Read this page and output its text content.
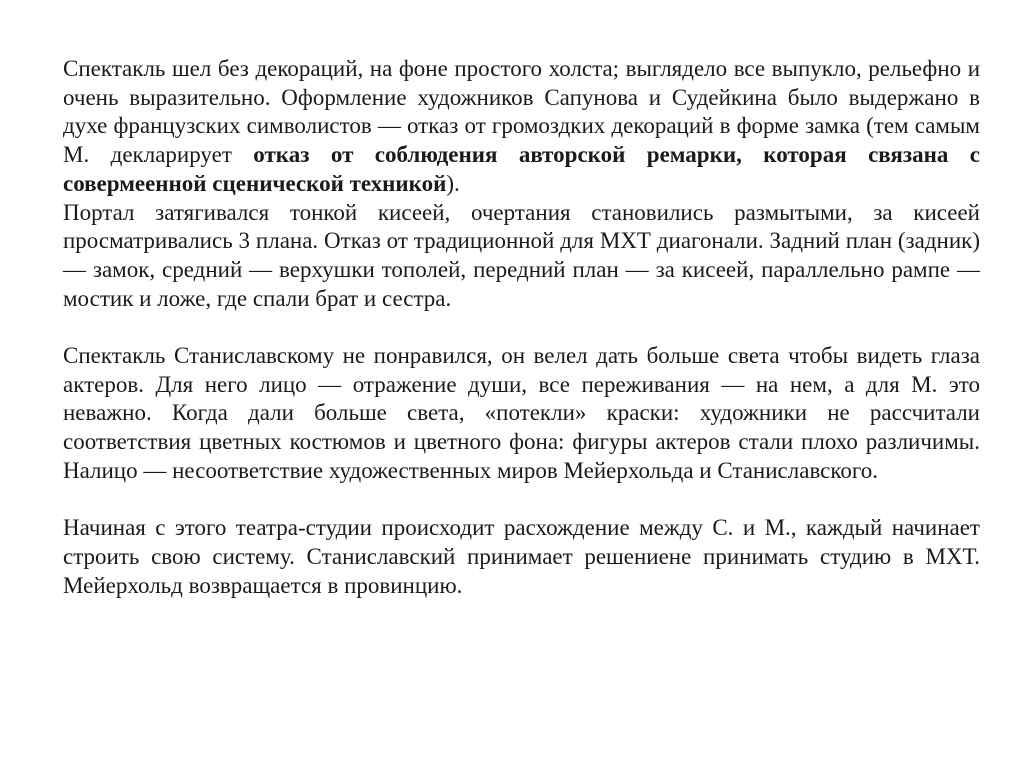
Спектакль шел без декораций, на фоне простого холста; выглядело все выпукло, рельефно и очень выразительно. Оформление художников Сапунова и Судейкина было выдержано в духе французских символистов — отказ от громоздких декораций в форме замка (тем самым М. декларирует отказ от соблюдения авторской ремарки, которая связана с совермеенной сценической техникой).

Портал затягивался тонкой кисеей, очертания становились размытыми, за кисеей просматривались 3 плана. Отказ от традиционной для МХТ диагонали. Задний план (задник) — замок, средний — верхушки тополей, передний план — за кисеей, параллельно рампе — мостик и ложе, где спали брат и сестра.

Спектакль Станиславскому не понравился, он велел дать больше света чтобы видеть глаза актеров. Для него лицо — отражение души, все переживания — на нем, а для М. это неважно. Когда дали больше света, «потекли» краски: художники не рассчитали соответствия цветных костюмов и цветного фона: фигуры актеров стали плохо различимы. Налицо — несоответствие художественных миров Мейерхольда и Станиславского.

Начиная с этого театра-студии происходит расхождение между С. и М., каждый начинает строить свою систему. Станиславский принимает решениене принимать студию в МХТ. Мейерхольд возвращается в провинцию.
